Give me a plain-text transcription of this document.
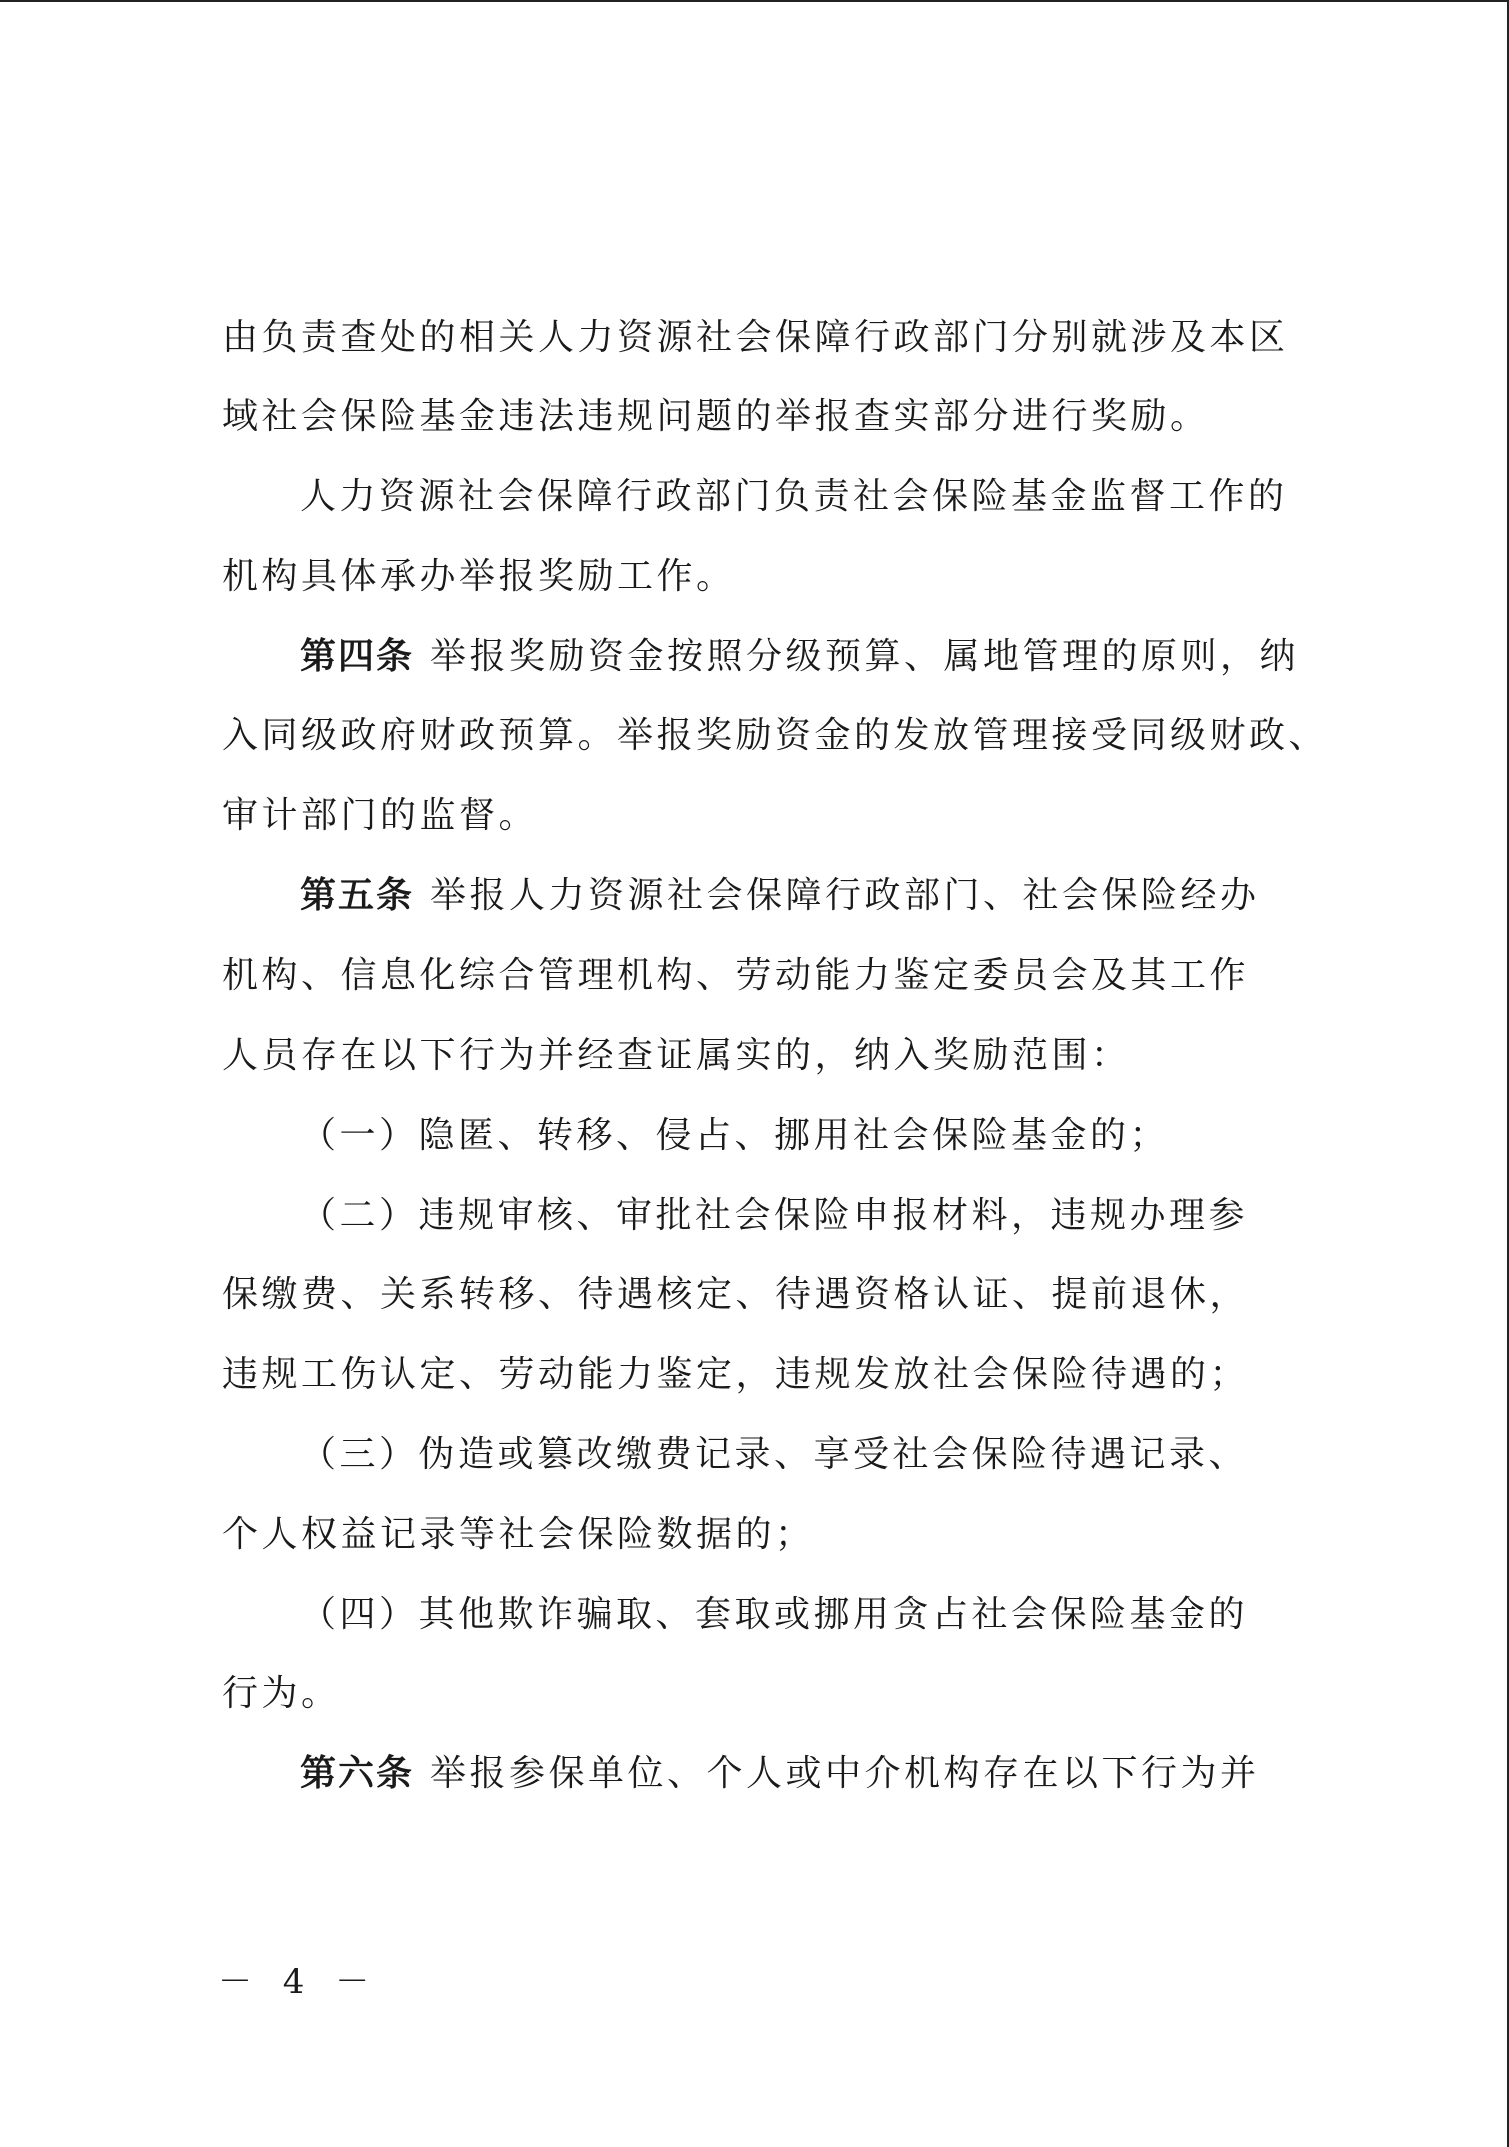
由负责查处的相关人力资源社会保障行政部门分别就涉及本区
域社会保险基金违法违规问题的举报查实部分进行奖励。
人力资源社会保障行政部门负责社会保险基金监督工作的
机构具体承办举报奖励工作。
第四条 举报奖励资金按照分级预算、属地管理的原则，纳
入同级政府财政预算。举报奖励资金的发放管理接受同级财政、
审计部门的监督。
第五条 举报人力资源社会保障行政部门、社会保险经办
机构、信息化综合管理机构、劳动能力鉴定委员会及其工作
人员存在以下行为并经查证属实的，纳入奖励范围：
（一）隐匿、转移、侵占、挪用社会保险基金的；
（二）违规审核、审批社会保险申报材料，违规办理参
保缴费、关系转移、待遇核定、待遇资格认证、提前退休，
违规工伤认定、劳动能力鉴定，违规发放社会保险待遇的；
（三）伪造或篡改缴费记录、享受社会保险待遇记录、
个人权益记录等社会保险数据的；
（四）其他欺诈骗取、套取或挪用贪占社会保险基金的
行为。
第六条 举报参保单位、个人或中介机构存在以下行为并
－ 4 －
